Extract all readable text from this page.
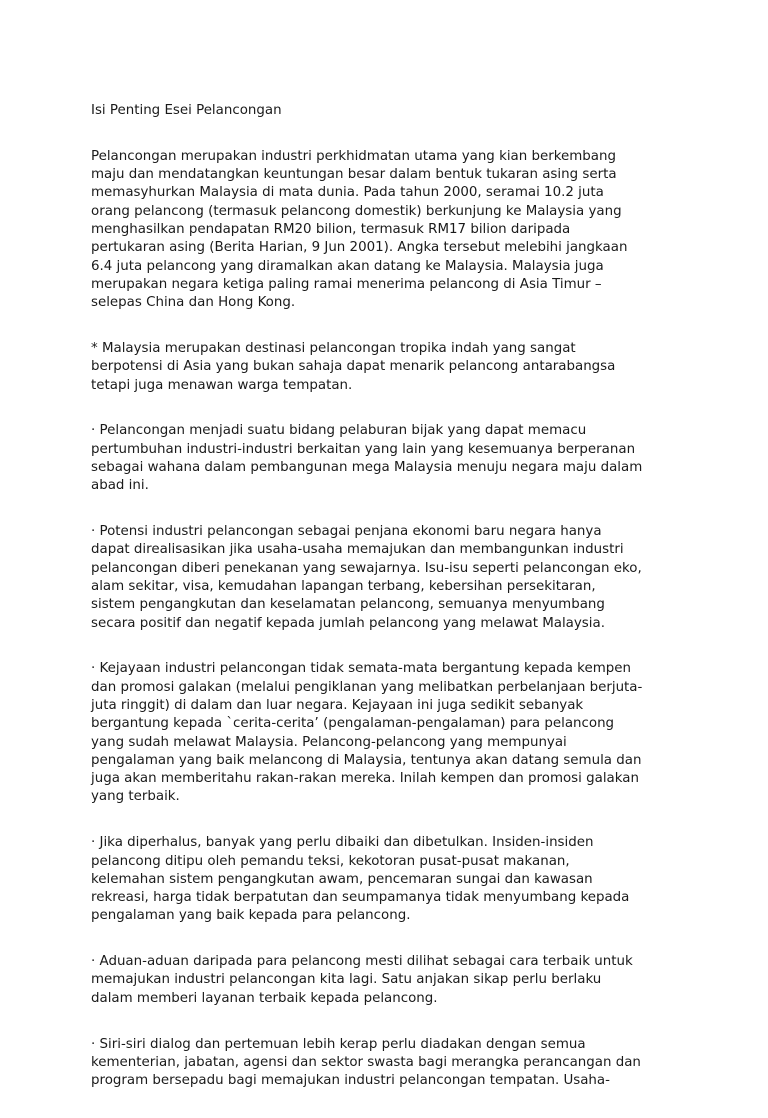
Isi Penting Esei Pelancongan

Pelancongan merupakan industri perkhidmatan utama yang kian berkembang
maju dan mendatangkan keuntungan besar dalam bentuk tukaran asing serta
memasyhurkan Malaysia di mata dunia. Pada tahun 2000, seramai 10.2 juta
orang pelancong (termasuk pelancong domestik) berkunjung ke Malaysia yang
menghasilkan pendapatan RM20 bilion, termasuk RM17 bilion daripada
pertukaran asing (Berita Harian, 9 Jun 2001). Angka tersebut melebihi jangkaan
6.4 juta pelancong yang diramalkan akan datang ke Malaysia. Malaysia juga
merupakan negara ketiga paling ramai menerima pelancong di Asia Timur –
selepas China dan Hong Kong.

* Malaysia merupakan destinasi pelancongan tropika indah yang sangat
berpotensi di Asia yang bukan sahaja dapat menarik pelancong antarabangsa
tetapi juga menawan warga tempatan.

· Pelancongan menjadi suatu bidang pelaburan bijak yang dapat memacu
pertumbuhan industri-industri berkaitan yang lain yang kesemuanya berperanan
sebagai wahana dalam pembangunan mega Malaysia menuju negara maju dalam
abad ini.

· Potensi industri pelancongan sebagai penjana ekonomi baru negara hanya
dapat direalisasikan jika usaha-usaha memajukan dan membangunkan industri
pelancongan diberi penekanan yang sewajarnya. Isu-isu seperti pelancongan eko,
alam sekitar, visa, kemudahan lapangan terbang, kebersihan persekitaran,
sistem pengangkutan dan keselamatan pelancong, semuanya menyumbang
secara positif dan negatif kepada jumlah pelancong yang melawat Malaysia.

· Kejayaan industri pelancongan tidak semata-mata bergantung kepada kempen
dan promosi galakan (melalui pengiklanan yang melibatkan perbelanjaan berjuta-
juta ringgit) di dalam dan luar negara. Kejayaan ini juga sedikit sebanyak
bergantung kepada `cerita-cerita’ (pengalaman-pengalaman) para pelancong
yang sudah melawat Malaysia. Pelancong-pelancong yang mempunyai
pengalaman yang baik melancong di Malaysia, tentunya akan datang semula dan
juga akan memberitahu rakan-rakan mereka. Inilah kempen dan promosi galakan
yang terbaik.

· Jika diperhalus, banyak yang perlu dibaiki dan dibetulkan. Insiden-insiden
pelancong ditipu oleh pemandu teksi, kekotoran pusat-pusat makanan,
kelemahan sistem pengangkutan awam, pencemaran sungai dan kawasan
rekreasi, harga tidak berpatutan dan seumpamanya tidak menyumbang kepada
pengalaman yang baik kepada para pelancong.

· Aduan-aduan daripada para pelancong mesti dilihat sebagai cara terbaik untuk
memajukan industri pelancongan kita lagi. Satu anjakan sikap perlu berlaku
dalam memberi layanan terbaik kepada pelancong.

· Siri-siri dialog dan pertemuan lebih kerap perlu diadakan dengan semua
kementerian, jabatan, agensi dan sektor swasta bagi merangka perancangan dan
program bersepadu bagi memajukan industri pelancongan tempatan. Usaha-
